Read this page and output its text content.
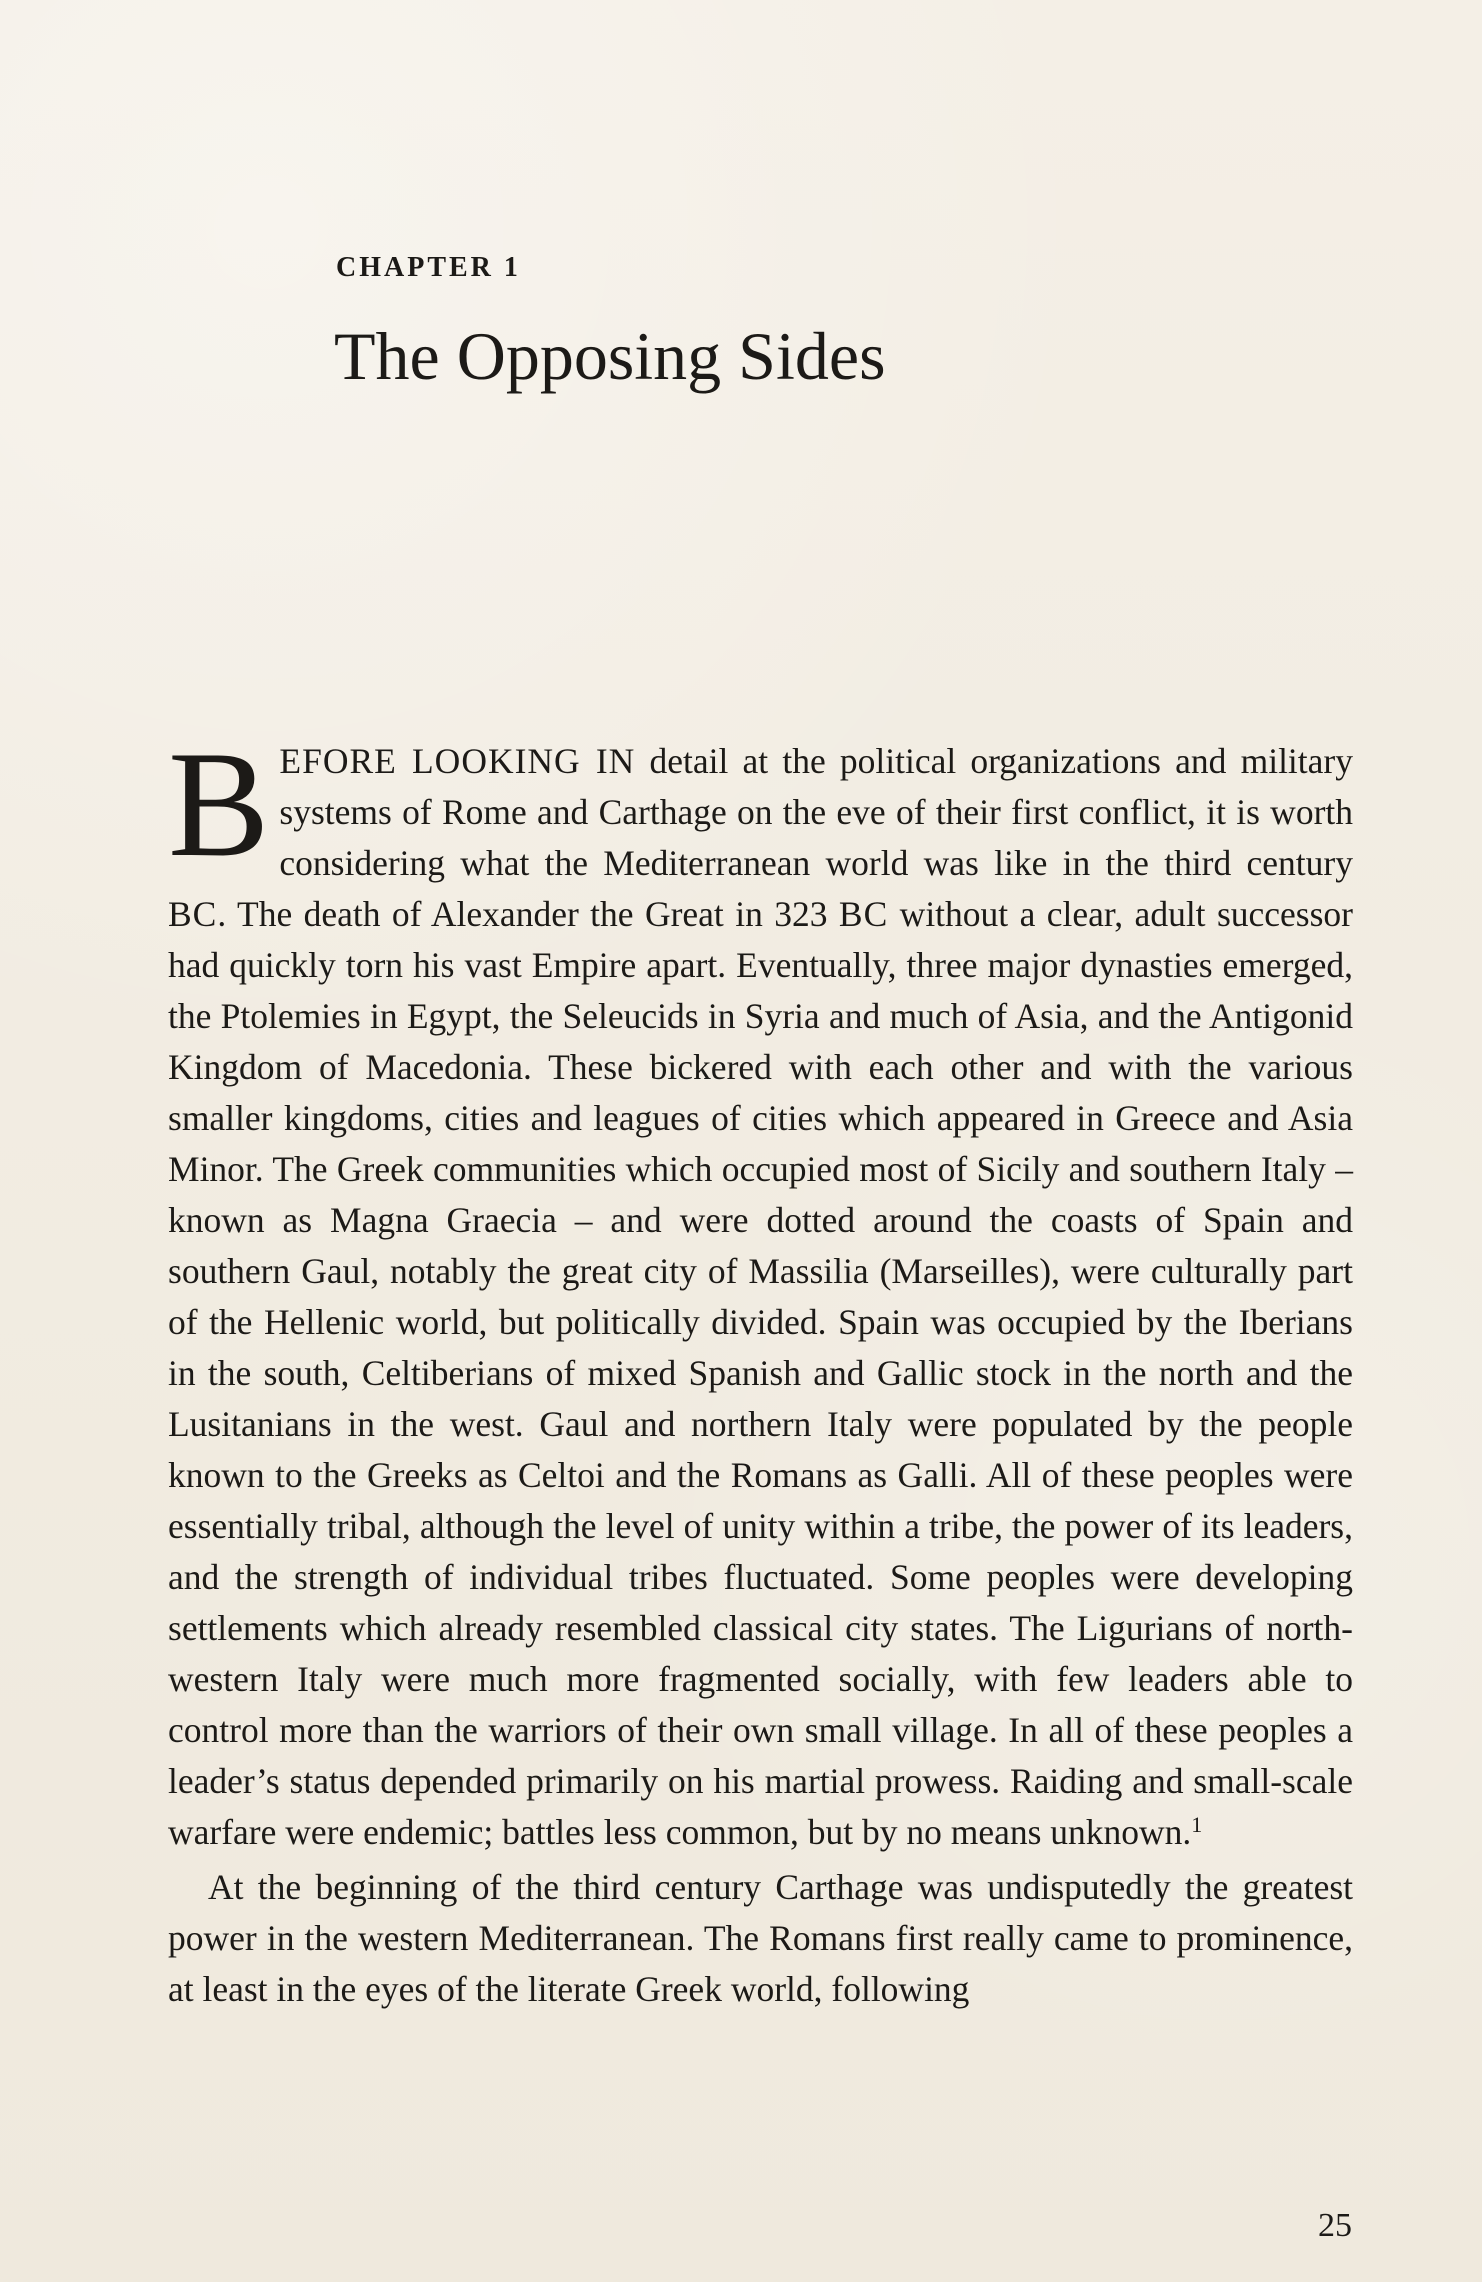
CHAPTER 1
The Opposing Sides

BEFORE LOOKING IN detail at the political organizations and military systems of Rome and Carthage on the eve of their first conflict, it is worth considering what the Mediterranean world was like in the third century BC. The death of Alexander the Great in 323 BC without a clear, adult successor had quickly torn his vast Empire apart. Eventually, three major dynasties emerged, the Ptolemies in Egypt, the Seleucids in Syria and much of Asia, and the Antigonid Kingdom of Macedonia. These bickered with each other and with the various smaller kingdoms, cities and leagues of cities which appeared in Greece and Asia Minor. The Greek communities which occupied most of Sicily and southern Italy – known as Magna Graecia – and were dotted around the coasts of Spain and southern Gaul, notably the great city of Massilia (Marseilles), were culturally part of the Hellenic world, but politically divided. Spain was occupied by the Iberians in the south, Celtiberians of mixed Spanish and Gallic stock in the north and the Lusitanians in the west. Gaul and northern Italy were populated by the people known to the Greeks as Celtoi and the Romans as Galli. All of these peoples were essentially tribal, although the level of unity within a tribe, the power of its leaders, and the strength of individual tribes fluctuated. Some peoples were developing settlements which already resembled classical city states. The Ligurians of north-western Italy were much more fragmented socially, with few leaders able to control more than the warriors of their own small village. In all of these peoples a leader’s status depended primarily on his martial prowess. Raiding and small-scale warfare were endemic; battles less common, but by no means unknown.$^1$

At the beginning of the third century Carthage was undisputedly the greatest power in the western Mediterranean. The Romans first really came to prominence, at least in the eyes of the literate Greek world, following

25
